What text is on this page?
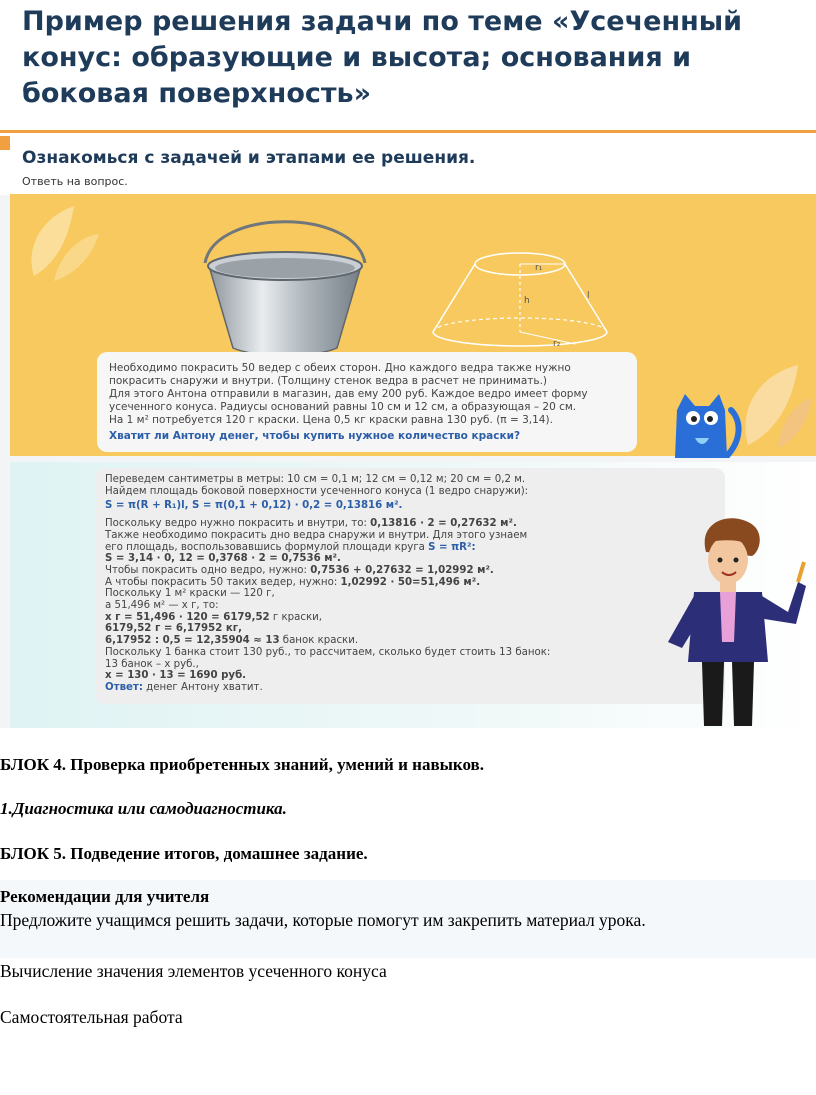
Пример решения задачи по теме «Усеченный конус: образующие и высота; основания и боковая поверхность»
Ознакомься с задачей и этапами ее решения.
Ответь на вопрос.
r₁
h	l
r₂

Необходимо покрасить 50 ведер с обеих сторон. Дно каждого ведра также нужно

покрасить снаружи и внутри. (Толщину стенок ведра в расчет не принимать.)

Для этого Антона отправили в магазин, дав ему 200 руб. Каждое ведро имеет форму

усеченного конуса. Радиусы оснований равны 10 см и 12 см, а образующая – 20 см.

На 1 м² потребуется 120 г краски. Цена 0,5 кг краски равна 130 руб. (π = 3,14).

Хватит ли Антону денег, чтобы купить нужное количество краски?

Переведем сантиметры в метры: 10 см = 0,1 м; 12 см = 0,12 м; 20 см = 0,2 м.
Найдем площадь боковой поверхности усеченного конуса (1 ведро снаружи):
S = π(R + R₁)l, S = π(0,1 + 0,12) · 0,2 = 0,13816 м².
Поскольку ведро нужно покрасить и внутри, то: 0,13816 · 2 = 0,27632 м².
Также необходимо покрасить дно ведра снаружи и внутри. Для этого узнаем
его площадь, воспользовавшись формулой площади круга S = πR²:
S = 3,14 · 0, 12 = 0,3768 · 2 = 0,7536 м².
Чтобы покрасить одно ведро, нужно: 0,7536 + 0,27632 = 1,02992 м².
А чтобы покрасить 50 таких ведер, нужно: 1,02992 · 50=51,496 м².
Поскольку 1 м² краски — 120 г,
а 51,496 м² — х г, то:
х г = 51,496 · 120 = 6179,52 г краски,
6179,52 г = 6,17952 кг,
6,17952 : 0,5 = 12,35904 ≈ 13 банок краски.
Поскольку 1 банка стоит 130 руб., то рассчитаем, сколько будет стоить 13 банок:
13 банок – х руб.,
х = 130 · 13 = 1690 руб.
Ответ: денег Антону хватит.
БЛОК 4. Проверка приобретенных знаний, умений и навыков.
1.Диагностика или самодиагностика.
БЛОК 5. Подведение итогов, домашнее задание.
Рекомендации для учителя
Предложите учащимся решить задачи, которые помогут им закрепить материал урока.
Вычисление значения элементов усеченного конуса
Самостоятельная работа
